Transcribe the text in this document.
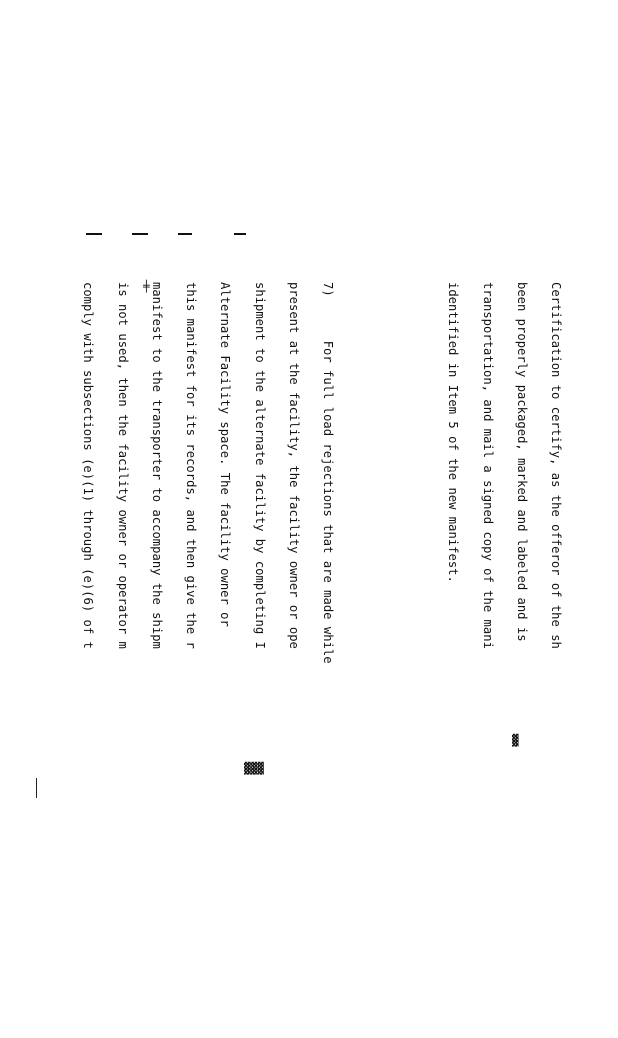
▓▓▓
╪
▓

Certification to certify, as the offeror of the sh

been properly packaged, marked and labeled and is

transportation, and mail a signed copy of the mani

identified in Item 5 of the new manifest.

7)      For full load rejections that are made while

present at the facility, the facility owner or ope

shipment to the alternate facility by completing I

Alternate Facility space. The facility owner or

this manifest for its records, and then give the r

manifest to the transporter to accompany the shipm

is not used, then the facility owner or operator m

comply with subsections (e)(1) through (e)(6) of t
